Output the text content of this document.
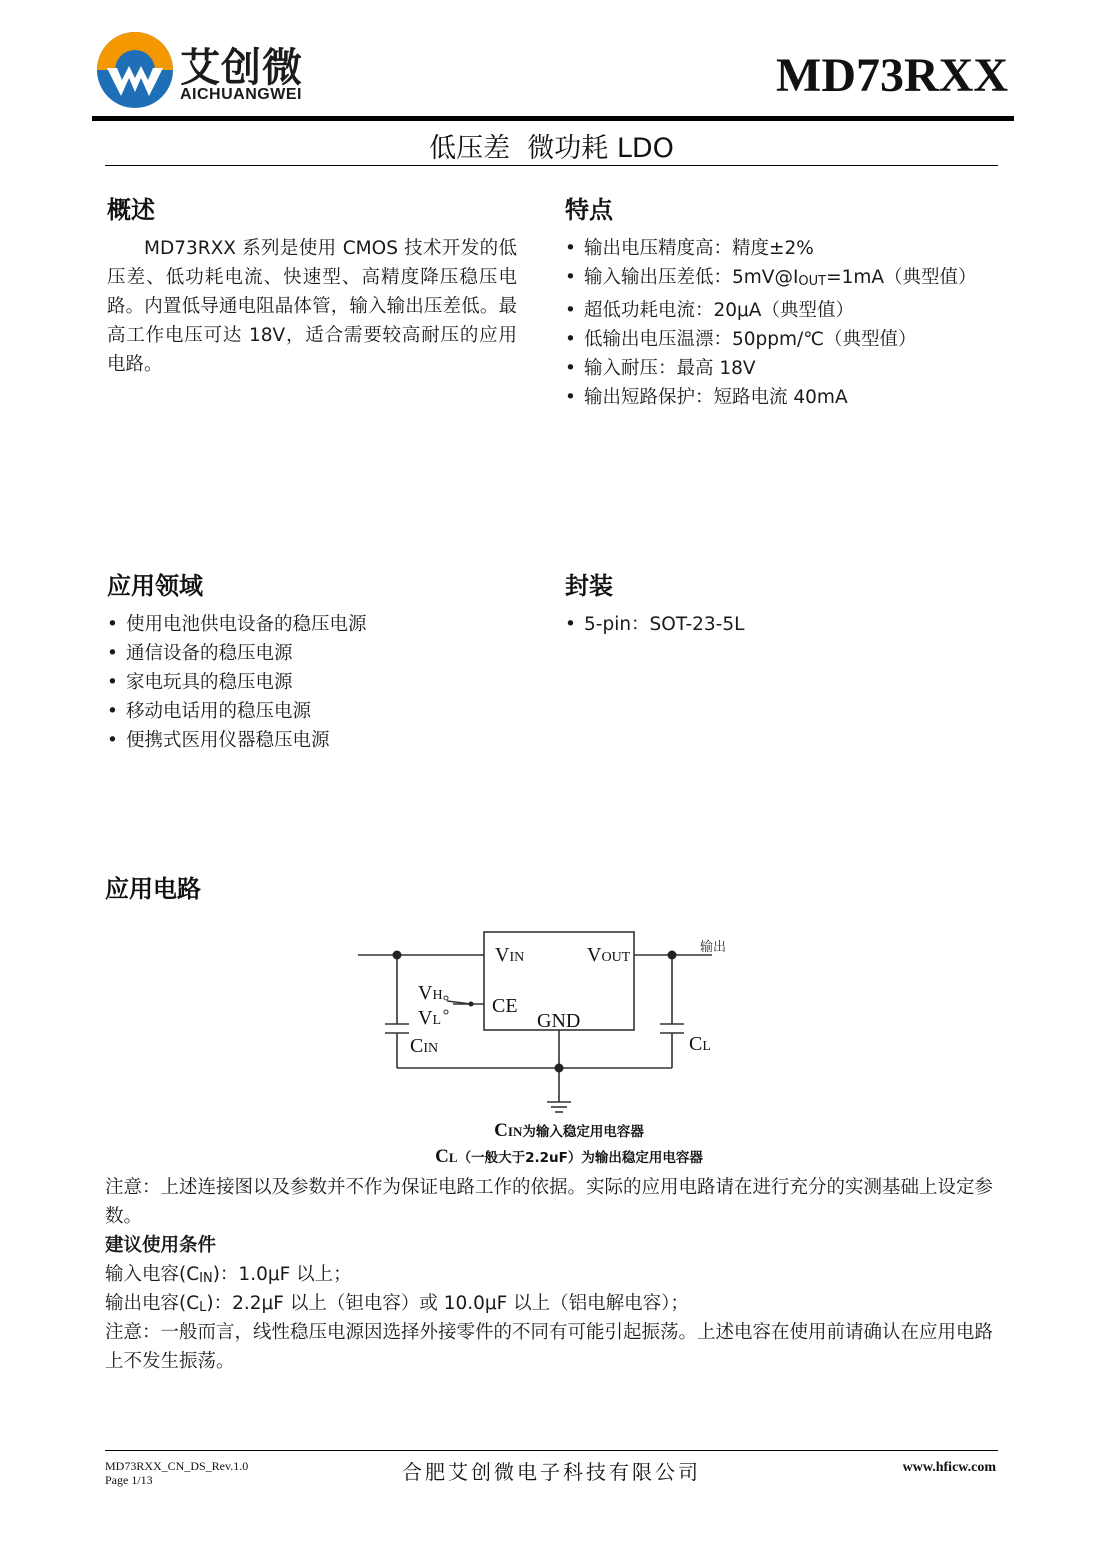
艾创微
AICHUANGWEI	MD73RXX
低压差  微功耗 LDO
概述
MD73RXX 系列是使用 CMOS 技术开发的低压差、低功耗电流、快速型、高精度降压稳压电路。内置低导通电阻晶体管，输入输出压差低。最高工作电压可达 18V，适合需要较高耐压的应用电路。
特点
• 输出电压精度高：精度±2%
• 输入输出压差低：$5mV@I_{OUT}=1mA$（典型值）
• 超低功耗电流：20μA（典型值）
• 低输出电压温漂：50ppm/℃（典型值）
• 输入耐压：最高 18V
• 输出短路保护：短路电流 40mA
应用领域
• 使用电池供电设备的稳压电源
• 通信设备的稳压电源
• 家电玩具的稳压电源
• 移动电话用的稳压电源
• 便携式医用仪器稳压电源
封装
• 5-pin：SOT-23-5L
应用电路
VIN	VOUT
CE
GND
VH
VL
CIN	CL
输出
CIN为输入稳定用电容器
CL（一般大于2.2uF）为输出稳定用电容器
注意：上述连接图以及参数并不作为保证电路工作的依据。实际的应用电路请在进行充分的实测基础上设定参数。
建议使用条件
输入电容$(C_{IN})$：1.0μF 以上；
输出电容$(C_L)$：2.2μF 以上（钽电容）或 10.0μF 以上（铝电解电容）；
注意：一般而言，线性稳压电源因选择外接零件的不同有可能引起振荡。上述电容在使用前请确认在应用电路上不发生振荡。
MD73RXX_CN_DS_Rev.1.0
Page 1/13	合肥艾创微电子科技有限公司	www.hficw.com
